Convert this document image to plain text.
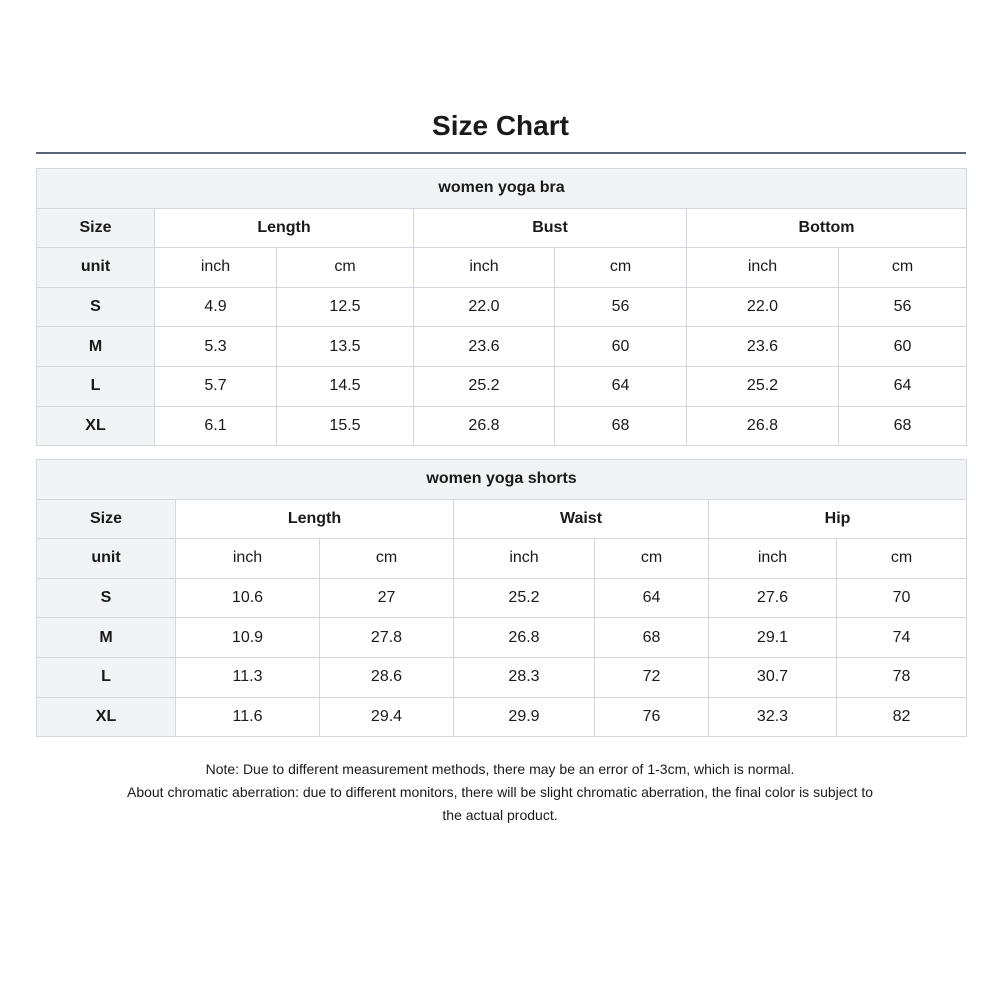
Size Chart
women yoga bra						
Size	Length		Bust		Bottom	
unit	inch	cm	inch	cm	inch	cm
S	4.9	12.5	22.0	56	22.0	56
M	5.3	13.5	23.6	60	23.6	60
L	5.7	14.5	25.2	64	25.2	64
XL	6.1	15.5	26.8	68	26.8	68
women yoga shorts						
Size	Length		Waist		Hip	
unit	inch	cm	inch	cm	inch	cm
S	10.6	27	25.2	64	27.6	70
M	10.9	27.8	26.8	68	29.1	74
L	11.3	28.6	28.3	72	30.7	78
XL	11.6	29.4	29.9	76	32.3	82
Note: Due to different measurement methods, there may be an error of 1-3cm, which is normal.
About chromatic aberration: due to different monitors, there will be slight chromatic aberration, the final color is subject to
the actual product.
